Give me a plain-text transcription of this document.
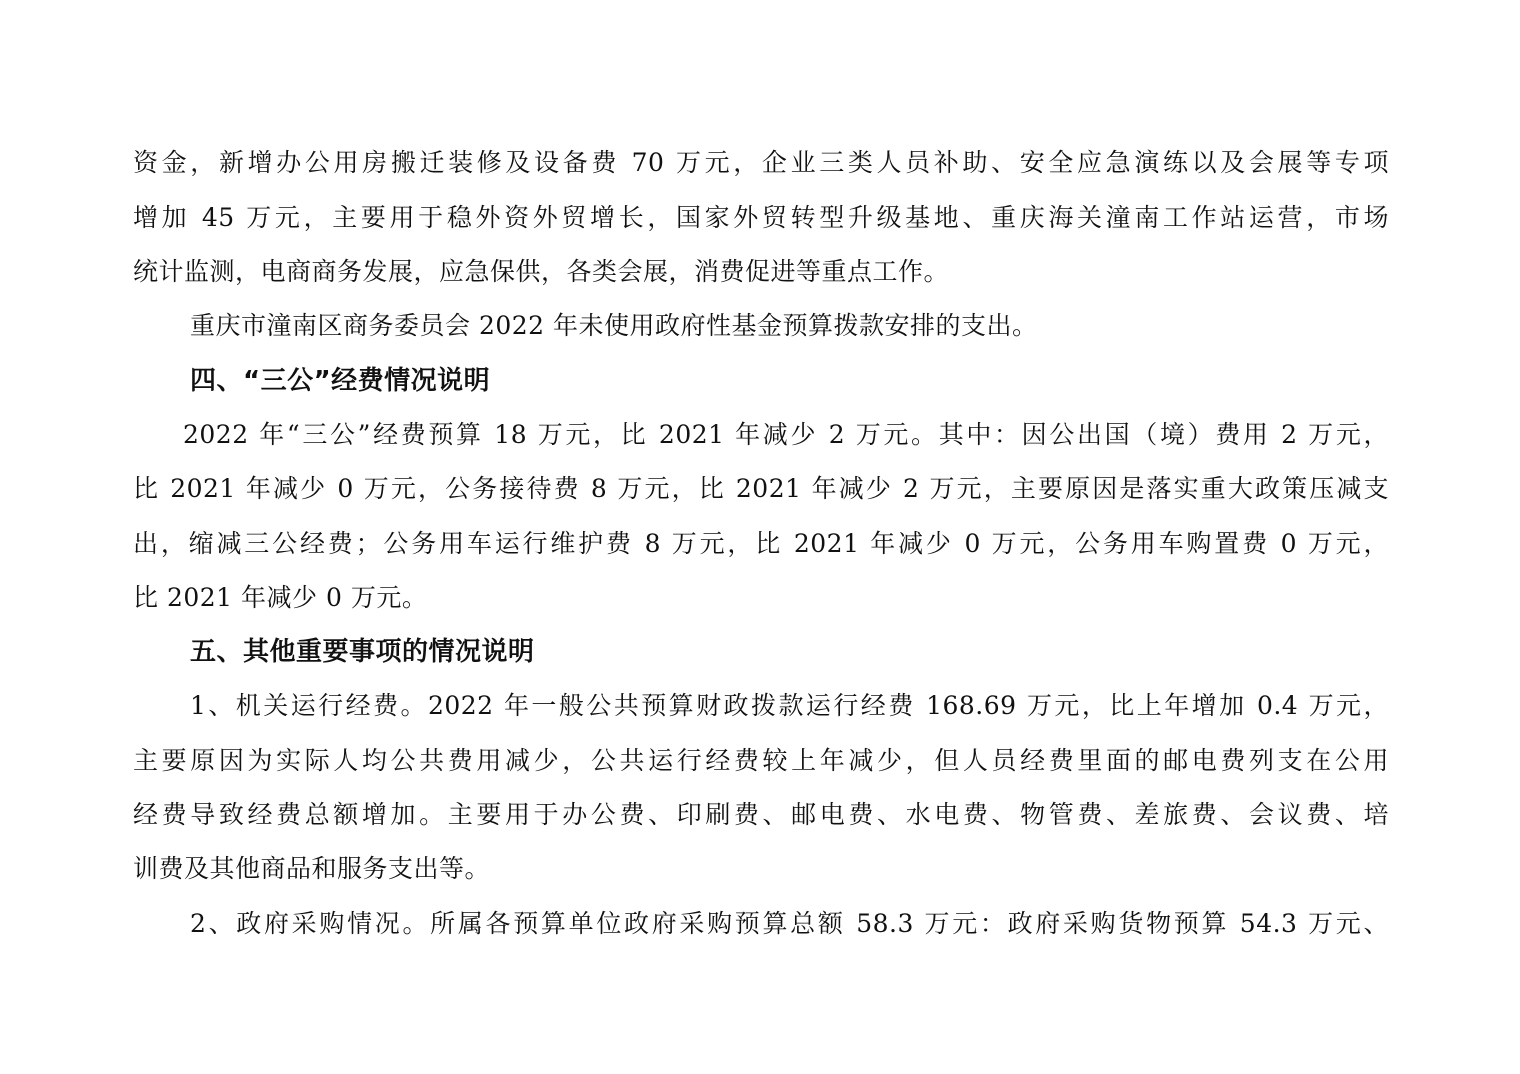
资金，新增办公用房搬迁装修及设备费 70 万元，企业三类人员补助、安全应急演练以及会展等专项
增加 45 万元，主要用于稳外资外贸增长，国家外贸转型升级基地、重庆海关潼南工作站运营，市场
统计监测，电商商务发展，应急保供，各类会展，消费促进等重点工作。
重庆市潼南区商务委员会 2022 年未使用政府性基金预算拨款安排的支出。
四、“三公”经费情况说明
2022 年“三公”经费预算 18 万元，比 2021 年减少 2 万元。其中：因公出国（境）费用 2 万元，
比 2021 年减少 0 万元，公务接待费 8 万元，比 2021 年减少 2 万元，主要原因是落实重大政策压减支
出，缩减三公经费；公务用车运行维护费 8 万元，比 2021 年减少 0 万元，公务用车购置费 0 万元，
比 2021 年减少 0 万元。
五、其他重要事项的情况说明
1、机关运行经费。2022 年一般公共预算财政拨款运行经费 168.69 万元，比上年增加 0.4 万元，
主要原因为实际人均公共费用减少，公共运行经费较上年减少，但人员经费里面的邮电费列支在公用
经费导致经费总额增加。主要用于办公费、印刷费、邮电费、水电费、物管费、差旅费、会议费、培
训费及其他商品和服务支出等。
2、政府采购情况。所属各预算单位政府采购预算总额 58.3 万元：政府采购货物预算 54.3 万元、
